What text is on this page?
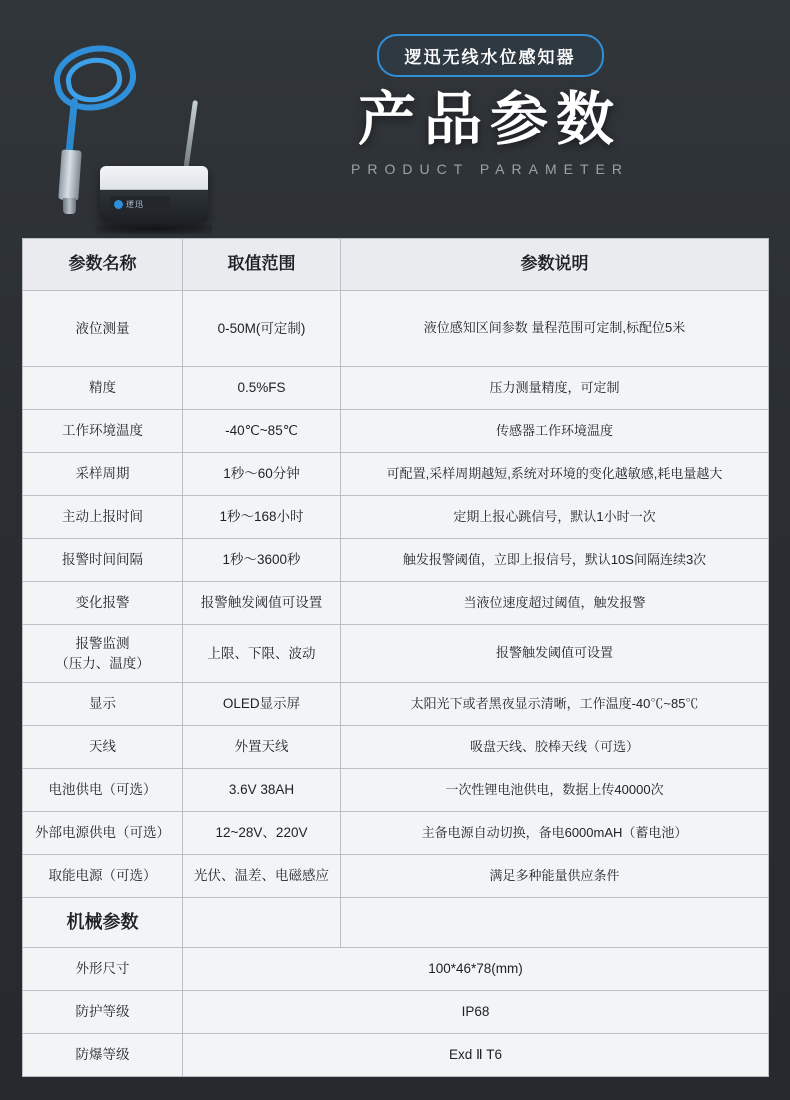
逻迅
逻迅无线水位感知器
产品参数
PRODUCT PARAMETER
参数名称	取值范围	参数说明
液位测量	0-50M(可定制)	液位感知区间参数 量程范围可定制,标配位5米
精度	0.5%FS	压力测量精度，可定制
工作环境温度	-40℃~85℃	传感器工作环境温度
采样周期	1秒～60分钟	可配置,采样周期越短,系统对环境的变化越敏感,耗电量越大
主动上报时间	1秒～168小时	定期上报心跳信号，默认1小时一次
报警时间间隔	1秒～3600秒	触发报警阈值，立即上报信号，默认10S间隔连续3次
变化报警	报警触发阈值可设置	当液位速度超过阈值，触发报警
报警监测
（压力、温度）	上限、下限、波动	报警触发阈值可设置
显示	OLED显示屏	太阳光下或者黑夜显示清晰，工作温度-40℃~85℃
天线	外置天线	吸盘天线、胶棒天线（可选）
电池供电（可选）	3.6V 38AH	一次性锂电池供电，数据上传40000次
外部电源供电（可选）	12~28V、220V	主备电源自动切换，备电6000mAH（蓄电池）
取能电源（可选）	光伏、温差、电磁感应	满足多种能量供应条件
机械参数		
外形尺寸	100*46*78(mm)	
防护等级	IP68	
防爆等级	Exd Ⅱ T6	
